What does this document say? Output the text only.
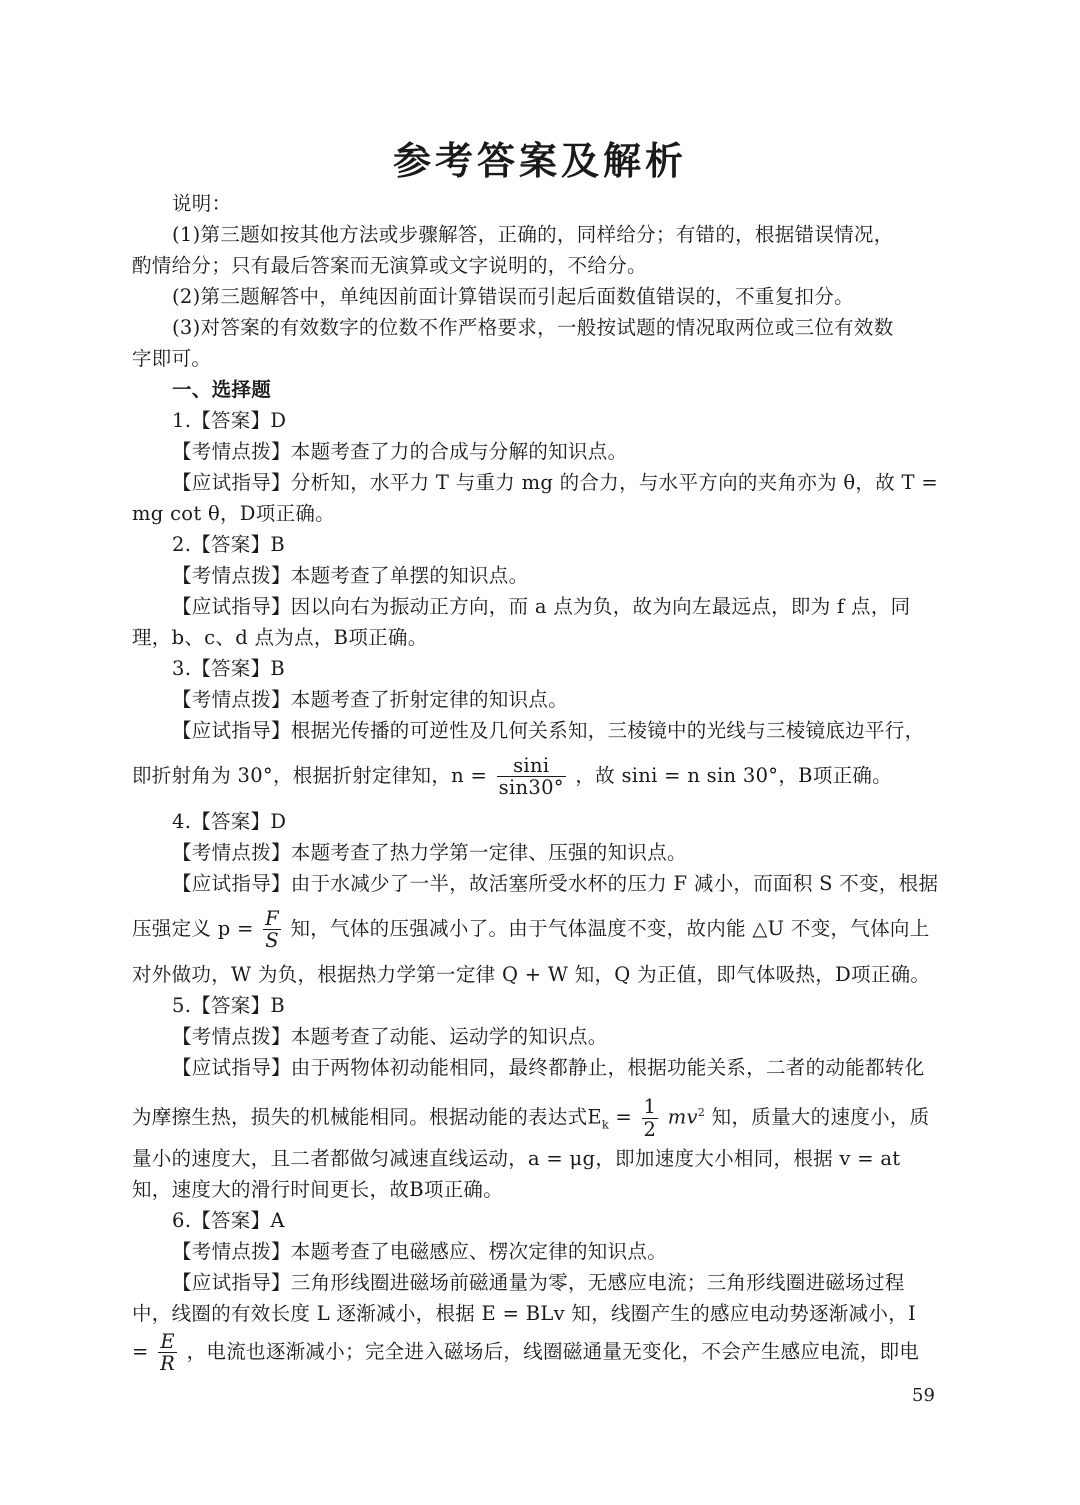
参考答案及解析
说明：
(1)第三题如按其他方法或步骤解答，正确的，同样给分；有错的，根据错误情况，
酌情给分；只有最后答案而无演算或文字说明的，不给分。
(2)第三题解答中，单纯因前面计算错误而引起后面数值错误的，不重复扣分。
(3)对答案的有效数字的位数不作严格要求，一般按试题的情况取两位或三位有效数
字即可。
一、选择题
1.【答案】D
【考情点拨】本题考查了力的合成与分解的知识点。
【应试指导】分析知，水平力 T 与重力 mg 的合力，与水平方向的夹角亦为 θ，故 T =
mg cot θ，D项正确。
2.【答案】B
【考情点拨】本题考查了单摆的知识点。
【应试指导】因以向右为振动正方向，而 a 点为负，故为向左最远点，即为 f 点，同
理，b、c、d 点为点，B项正确。
3.【答案】B
【考情点拨】本题考查了折射定律的知识点。
【应试指导】根据光传播的可逆性及几何关系知，三棱镜中的光线与三棱镜底边平行，
即折射角为 30°，根据折射定律知，$n = \frac{\sin i}{\sin 30^\circ}$ ，故 sini = n sin 30°，B项正确。
4.【答案】D
【考情点拨】本题考查了热力学第一定律、压强的知识点。
【应试指导】由于水减少了一半，故活塞所受水杯的压力 F 减小，而面积 S 不变，根据
压强定义 $p = \frac{F}{S}$ 知，气体的压强减小了。由于气体温度不变，故内能 △U 不变，气体向上
对外做功，W 为负，根据热力学第一定律 Q + W 知，Q 为正值，即气体吸热，D项正确。
5.【答案】B
【考情点拨】本题考查了动能、运动学的知识点。
【应试指导】由于两物体初动能相同，最终都静止，根据功能关系，二者的动能都转化
为摩擦生热，损失的机械能相同。根据动能的表达式$E_k = \frac{1}{2} mv^2$ 知，质量大的速度小，质
量小的速度大，且二者都做匀减速直线运动，a = μg，即加速度大小相同，根据 v = at
知，速度大的滑行时间更长，故B项正确。
6.【答案】A
【考情点拨】本题考查了电磁感应、楞次定律的知识点。
【应试指导】三角形线圈进磁场前磁通量为零，无感应电流；三角形线圈进磁场过程
中，线圈的有效长度 L 逐渐减小，根据 E = BLv 知，线圈产生的感应电动势逐渐减小，I
= $\frac{E}{R}$ ，电流也逐渐减小；完全进入磁场后，线圈磁通量无变化，不会产生感应电流，即电
59
